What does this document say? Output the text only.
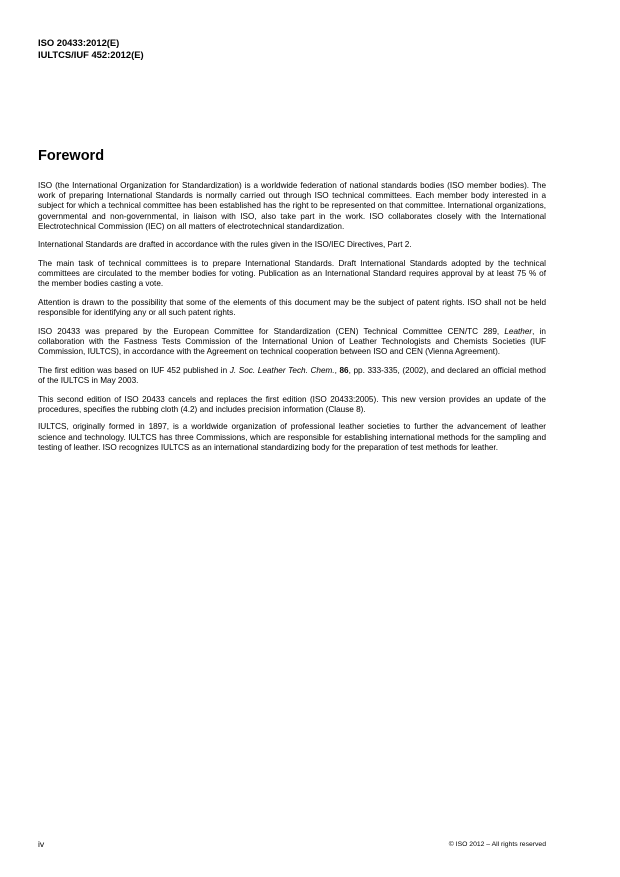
ISO 20433:2012(E)
IULTCS/IUF 452:2012(E)
Foreword

ISO (the International Organization for Standardization) is a worldwide federation of national standards bodies (ISO member bodies). The work of preparing International Standards is normally carried out through ISO technical committees. Each member body interested in a subject for which a technical committee has been established has the right to be represented on that committee. International organizations, governmental and non-governmental, in liaison with ISO, also take part in the work. ISO collaborates closely with the International Electrotechnical Commission (IEC) on all matters of electrotechnical standardization.

International Standards are drafted in accordance with the rules given in the ISO/IEC Directives, Part 2.

The main task of technical committees is to prepare International Standards. Draft International Standards adopted by the technical committees are circulated to the member bodies for voting. Publication as an International Standard requires approval by at least 75 % of the member bodies casting a vote.

Attention is drawn to the possibility that some of the elements of this document may be the subject of patent rights. ISO shall not be held responsible for identifying any or all such patent rights.

ISO 20433 was prepared by the European Committee for Standardization (CEN) Technical Committee CEN/TC 289, Leather, in collaboration with the Fastness Tests Commission of the International Union of Leather Technologists and Chemists Societies (IUF Commission, IULTCS), in accordance with the Agreement on technical cooperation between ISO and CEN (Vienna Agreement).

The first edition was based on IUF 452 published in J. Soc. Leather Tech. Chem., 86, pp. 333-335, (2002), and declared an official method of the IULTCS in May 2003.

This second edition of ISO 20433 cancels and replaces the first edition (ISO 20433:2005). This new version provides an update of the procedures, specifies the rubbing cloth (4.2) and includes precision information (Clause 8).

IULTCS, originally formed in 1897, is a worldwide organization of professional leather societies to further the advancement of leather science and technology. IULTCS has three Commissions, which are responsible for establishing international methods for the sampling and testing of leather. ISO recognizes IULTCS as an international standardizing body for the preparation of test methods for leather.

iv	© ISO 2012 – All rights reserved
